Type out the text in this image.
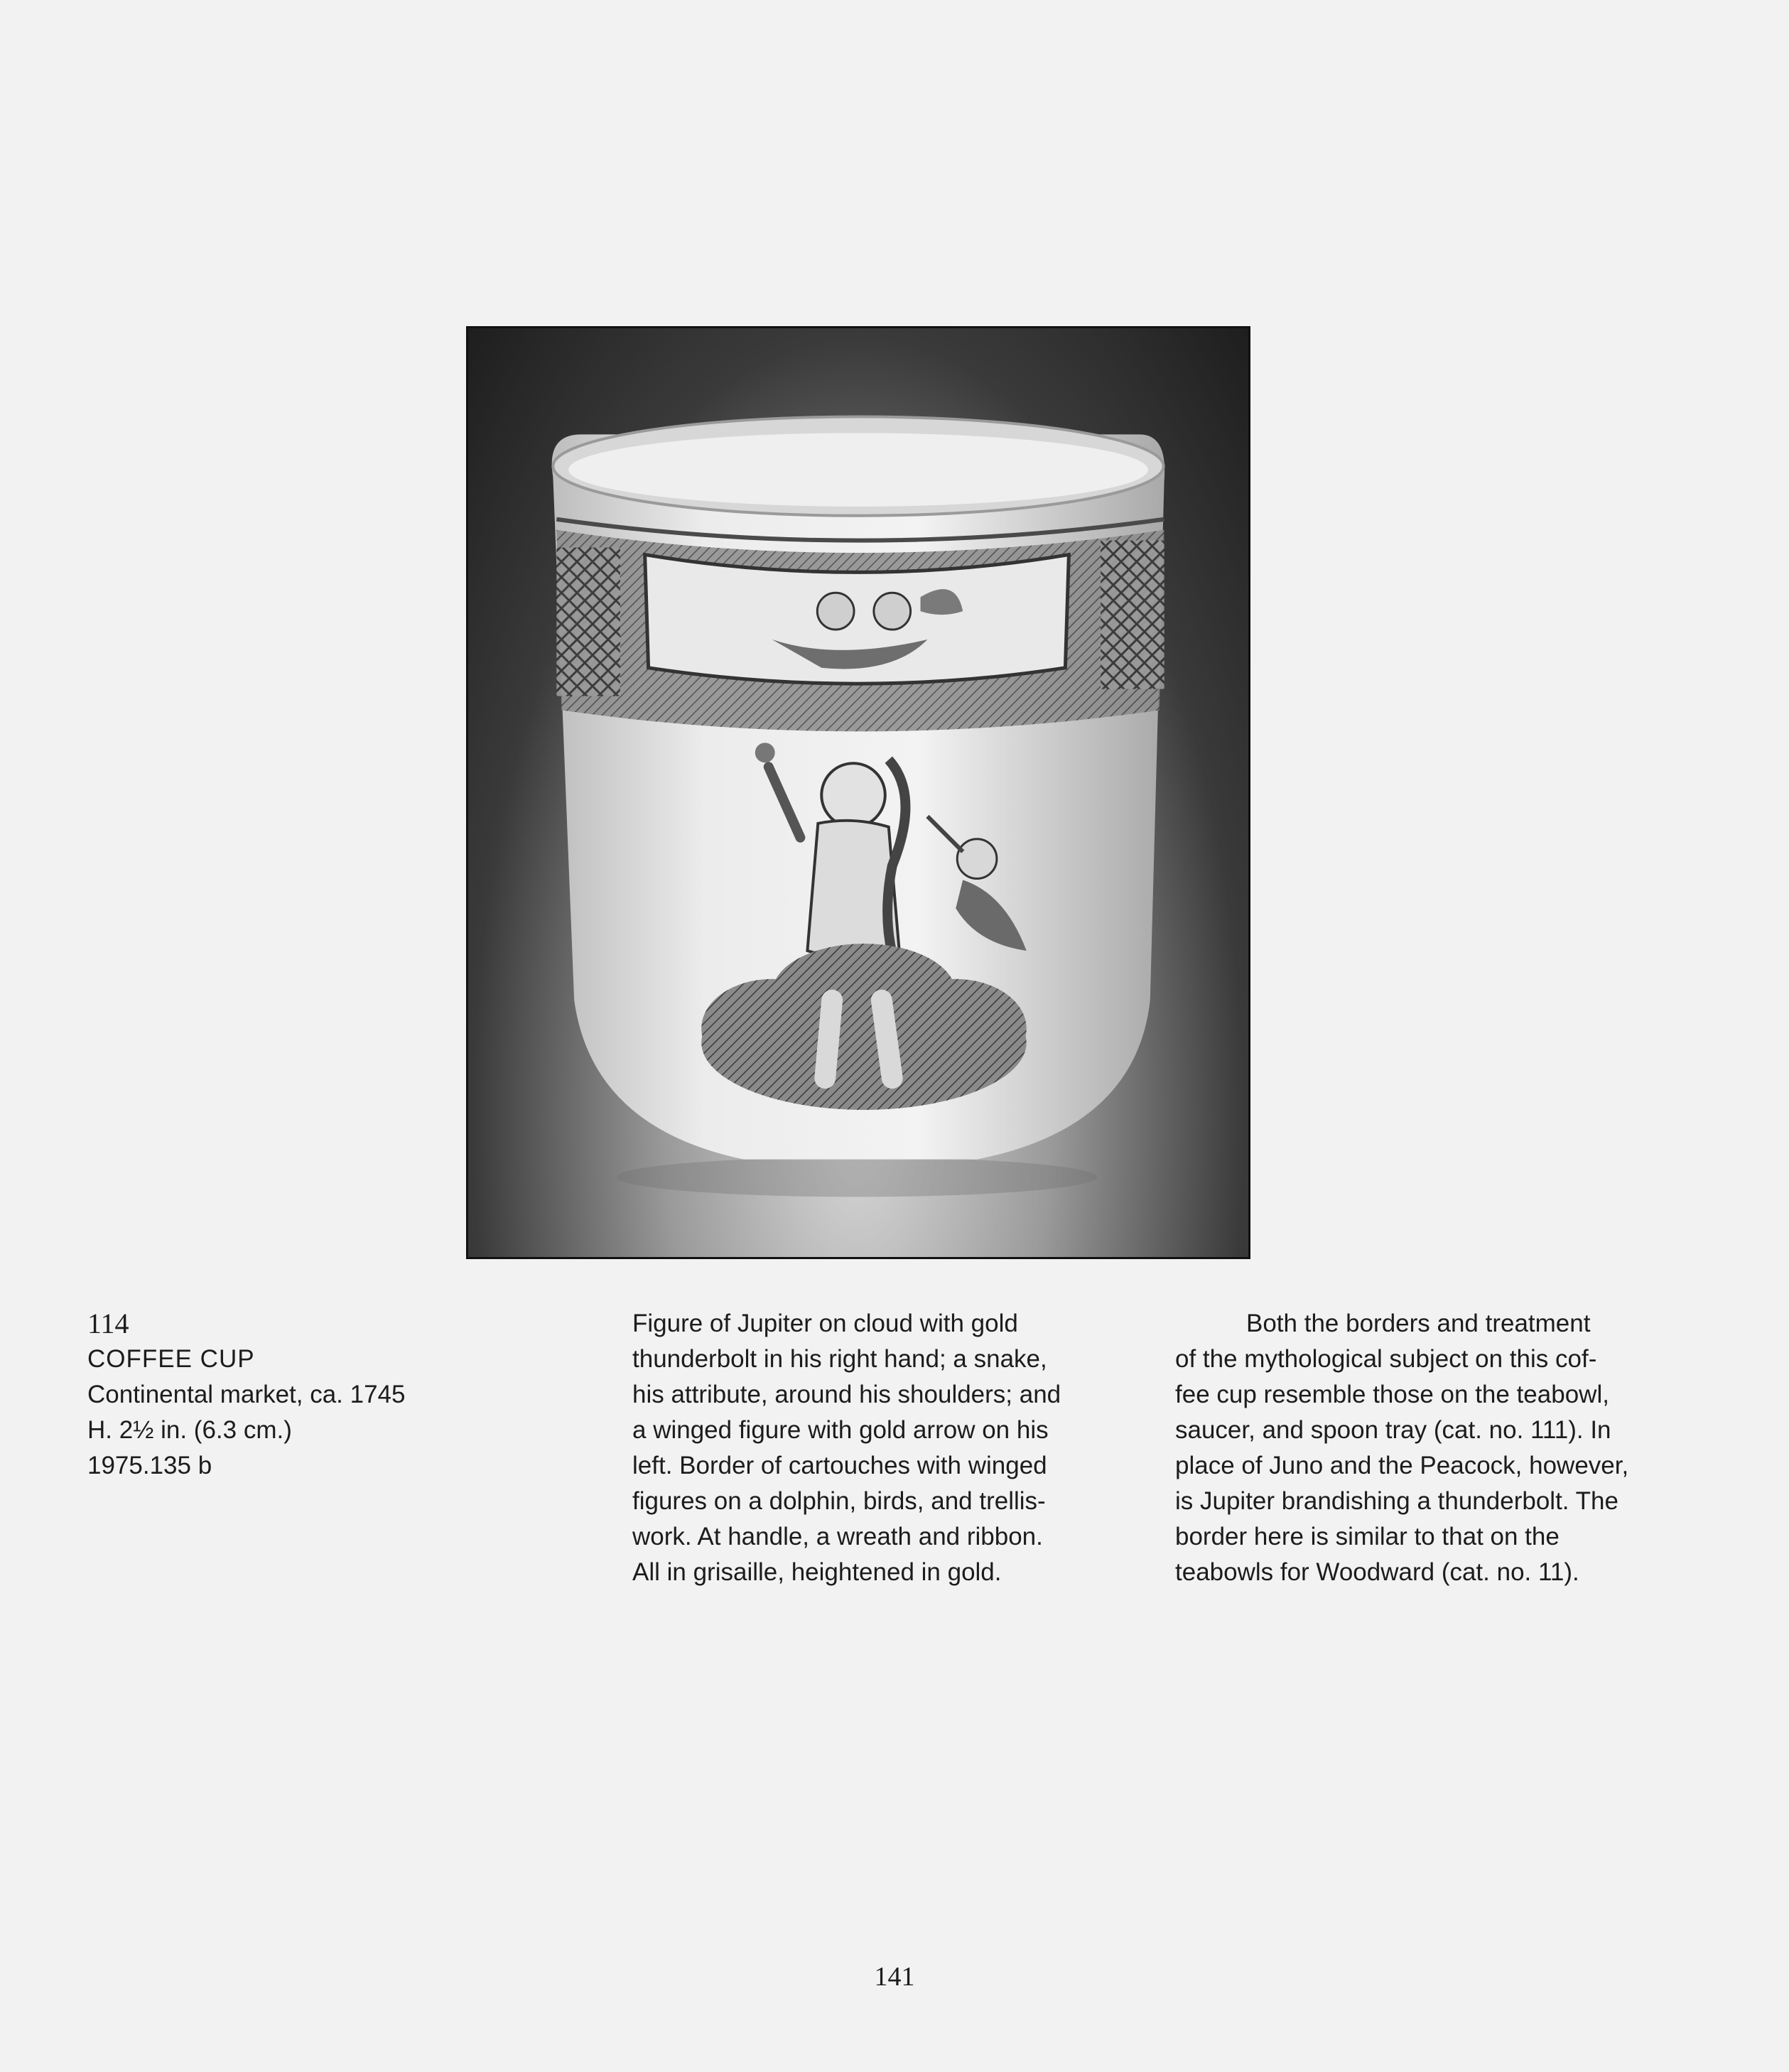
114

COFFEE CUP

Continental market, ca. 1745

H. 2½ in. (6.3 cm.)

1975.135 b

Figure of Jupiter on cloud with gold

thunderbolt in his right hand; a snake,

his attribute, around his shoulders; and

a winged figure with gold arrow on his

left. Border of cartouches with winged

figures on a dolphin, birds, and trellis-

work. At handle, a wreath and ribbon.

All in grisaille, heightened in gold.

Both the borders and treatment

of the mythological subject on this cof-

fee cup resemble those on the teabowl,

saucer, and spoon tray (cat. no. 111). In

place of Juno and the Peacock, however,

is Jupiter brandishing a thunderbolt. The

border here is similar to that on the

teabowls for Woodward (cat. no. 11).

141
